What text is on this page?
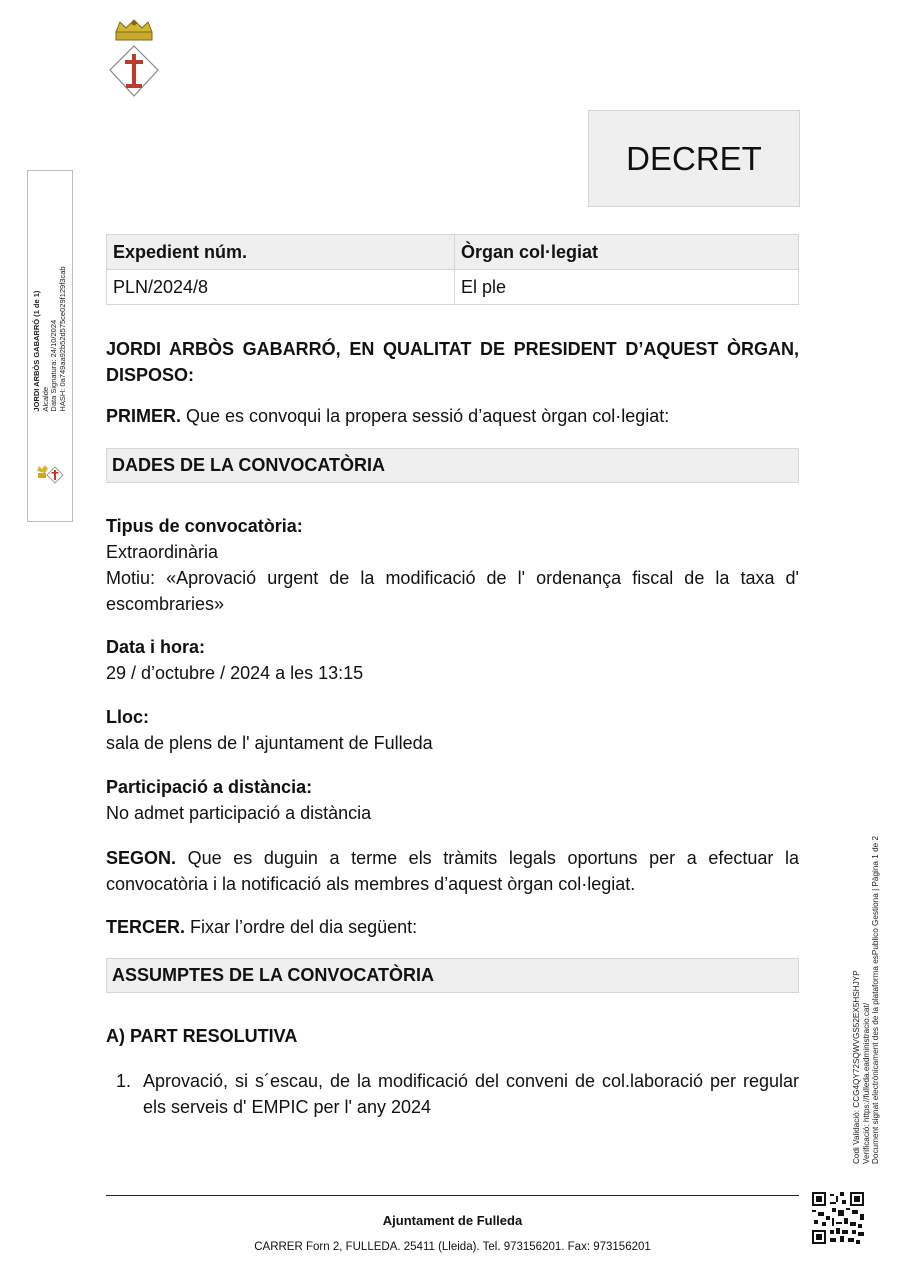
DECRET
JORDI ARBÒS GABARRÓ (1 de 1) Alcalde Data Signatura: 24/10/2024 HASH: 0a749aa92b52d575ce029f129f3cab
Expedient núm.	Òrgan col·legiat
PLN/2024/8	El ple
JORDI ARBÒS GABARRÓ, EN QUALITAT DE PRESIDENT D’AQUEST ÒRGAN, DISPOSO:
PRIMER. Que es convoqui la propera sessió d’aquest òrgan col·legiat:
DADES DE LA CONVOCATÒRIA
Tipus de convocatòria:
Extraordinària
Motiu: «Aprovació urgent de la modificació de l' ordenança fiscal de la taxa d' escombraries»
Data i hora:
29 / d’octubre / 2024 a les 13:15
Lloc:
sala de plens de l' ajuntament de Fulleda
Participació a distància:
No admet participació a distància
SEGON. Que es duguin a terme els tràmits legals oportuns per a efectuar la convocatòria i la notificació als membres d’aquest òrgan col·legiat.
TERCER. Fixar l’ordre del dia següent:
ASSUMPTES DE LA CONVOCATÒRIA
A) PART RESOLUTIVA
1. Aprovació, si s´escau, de la modificació del conveni de col.laboració per regular els serveis d' EMPIC per l' any 2024
Ajuntament de Fulleda
CARRER Forn 2, FULLEDA. 25411 (Lleida). Tel. 973156201. Fax: 973156201
Codi Validació: CCG4QY72SQWVGS52EX5HSHJYP Verificació: https://fulleda.eadministracio.cat/ Document signat electrònicament des de la plataforma esPublico Gestiona | Pàgina 1 de 2
